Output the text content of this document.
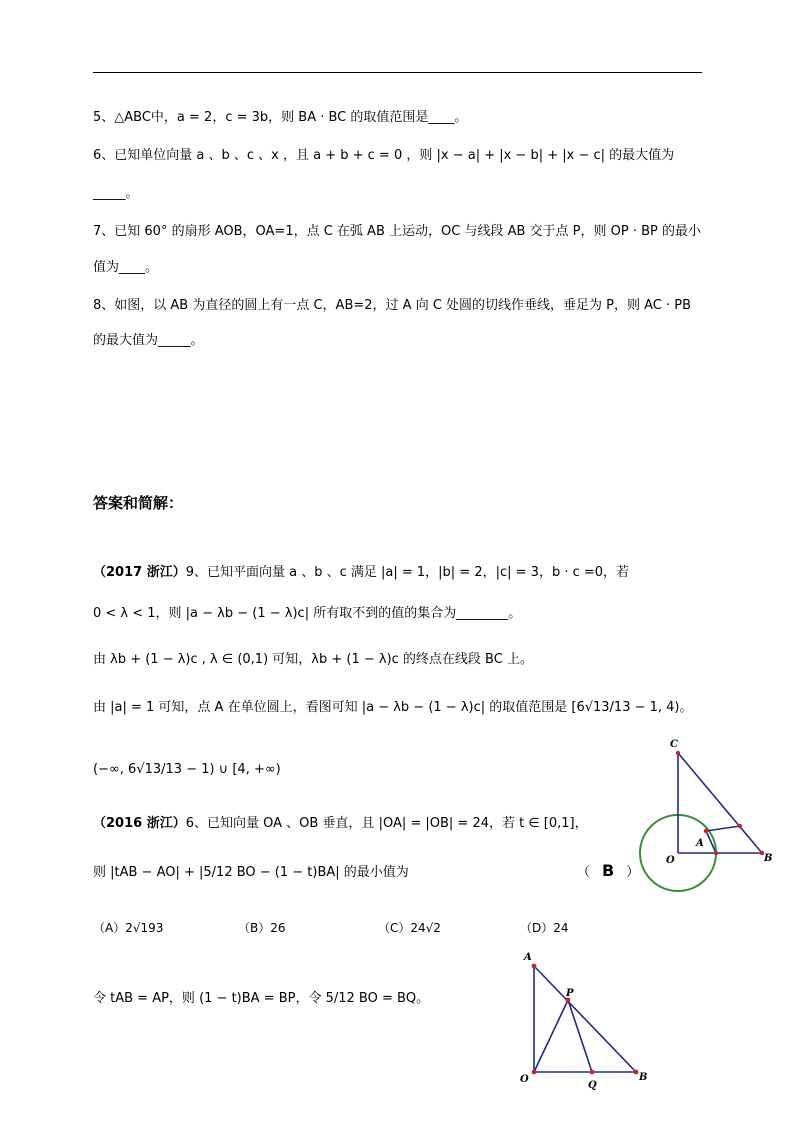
5、△ABC中，a = 2，c = 3b，则 BA · BC 的取值范围是____。
6、已知单位向量 a 、b 、c 、x ，且 a + b + c = 0 ，则 |x − a| + |x − b| + |x − c| 的最大值为
_____。
7、已知 60° 的扇形 AOB，OA=1，点 C 在弧 AB 上运动，OC 与线段 AB 交于点 P，则 OP · BP 的最小
值为____。
8、如图，以 AB 为直径的圆上有一点 C，AB=2，过 A 向 C 处圆的切线作垂线，垂足为 P，则 AC · PB
的最大值为_____。
答案和简解：
（2017 浙江）9、已知平面向量 a 、b 、c 满足 |a| = 1，|b| = 2，|c| = 3，b · c =0，若
0 < λ < 1，则 |a − λb − (1 − λ)c| 所有取不到的值的集合为________。
由 λb + (1 − λ)c , λ ∈ (0,1) 可知，λb + (1 − λ)c 的终点在线段 BC 上。
由 |a| = 1 可知，点 A 在单位圆上，看图可知 |a − λb − (1 − λ)c| 的取值范围是 [6√13/13 − 1, 4)。
(−∞, 6√13/13 − 1) ∪ [4, +∞)
（2016 浙江）6、已知向量 OA 、OB 垂直，且 |OA| = |OB| = 24，若 t ∈ [0,1]，
则 |tAB − AO| + |5/12 BO − (1 − t)BA| 的最小值为	（ B ）
（A）2√193	（B）26	（C）24√2	（D）24
令 tAB = AP，则 (1 − t)BA = BP，令 5/12 BO = BQ。
C
A
O	B
A
P
O
Q
B
